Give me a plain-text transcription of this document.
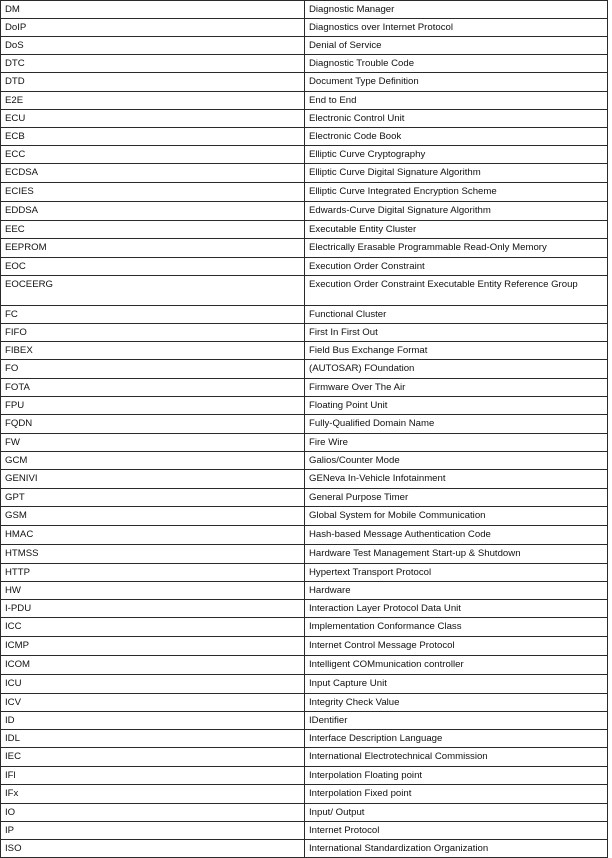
DM	Diagnostic Manager

DoIP	Diagnostics over Internet Protocol

DoS	Denial of Service

DTC	Diagnostic Trouble Code

DTD	Document Type Definition

E2E	End to End

ECU	Electronic Control Unit

ECB	Electronic Code Book

ECC	Elliptic Curve Cryptography

ECDSA	Elliptic Curve Digital Signature Algorithm

ECIES	Elliptic Curve Integrated Encryption Scheme

EDDSA	Edwards-Curve Digital Signature Algorithm

EEC	Executable Entity Cluster

EEPROM	Electrically Erasable Programmable Read-Only Memory

EOC	Execution Order Constraint

EOCEERG	Execution Order Constraint Executable Entity Reference Group

FC	Functional Cluster

FIFO	First In First Out

FIBEX	Field Bus Exchange Format

FO	(AUTOSAR) FOundation

FOTA	Firmware Over The Air

FPU	Floating Point Unit

FQDN	Fully-Qualified Domain Name

FW	Fire Wire

GCM	Galios/Counter Mode

GENIVI	GENeva In-Vehicle Infotainment

GPT	General Purpose Timer

GSM	Global System for Mobile Communication

HMAC	Hash-based Message Authentication Code

HTMSS	Hardware Test Management Start-up & Shutdown

HTTP	Hypertext Transport Protocol

HW	Hardware

I-PDU	Interaction Layer Protocol Data Unit

ICC	Implementation Conformance Class

ICMP	Internet Control Message Protocol

ICOM	Intelligent COMmunication controller

ICU	Input Capture Unit

ICV	Integrity Check Value

ID	IDentifier

IDL	Interface Description Language

IEC	International Electrotechnical Commission

IFl	Interpolation Floating point

IFx	Interpolation Fixed point

IO	Input/ Output

IP	Internet Protocol

ISO	International Standardization Organization
